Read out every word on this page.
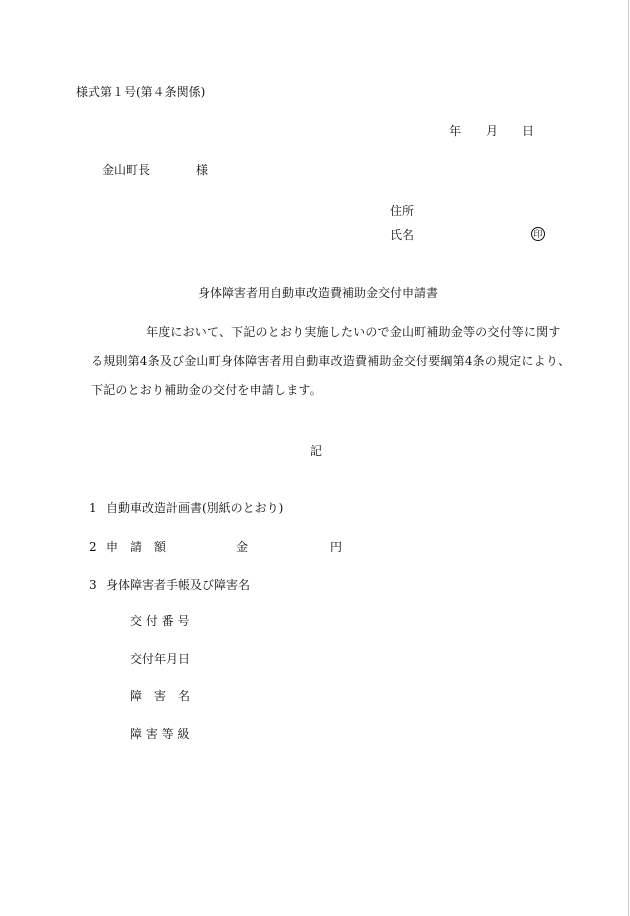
様式第１号(第４条関係)
年 月 日
金山町長	様
住所
氏名	印
身体障害者用自動車改造費補助金交付申請書
年度において、下記のとおり実施したいので金山町補助金等の交付等に関す
る規則第4条及び金山町身体障害者用自動車改造費補助金交付要綱第4条の規定により、
下記のとおり補助金の交付を申請します。
記
1 自動車改造計画書(別紙のとおり)
2 申　請　額	金	円
3 身体障害者手帳及び障害名
交 付 番 号
交付年月日
障　害　名
障 害 等 級
